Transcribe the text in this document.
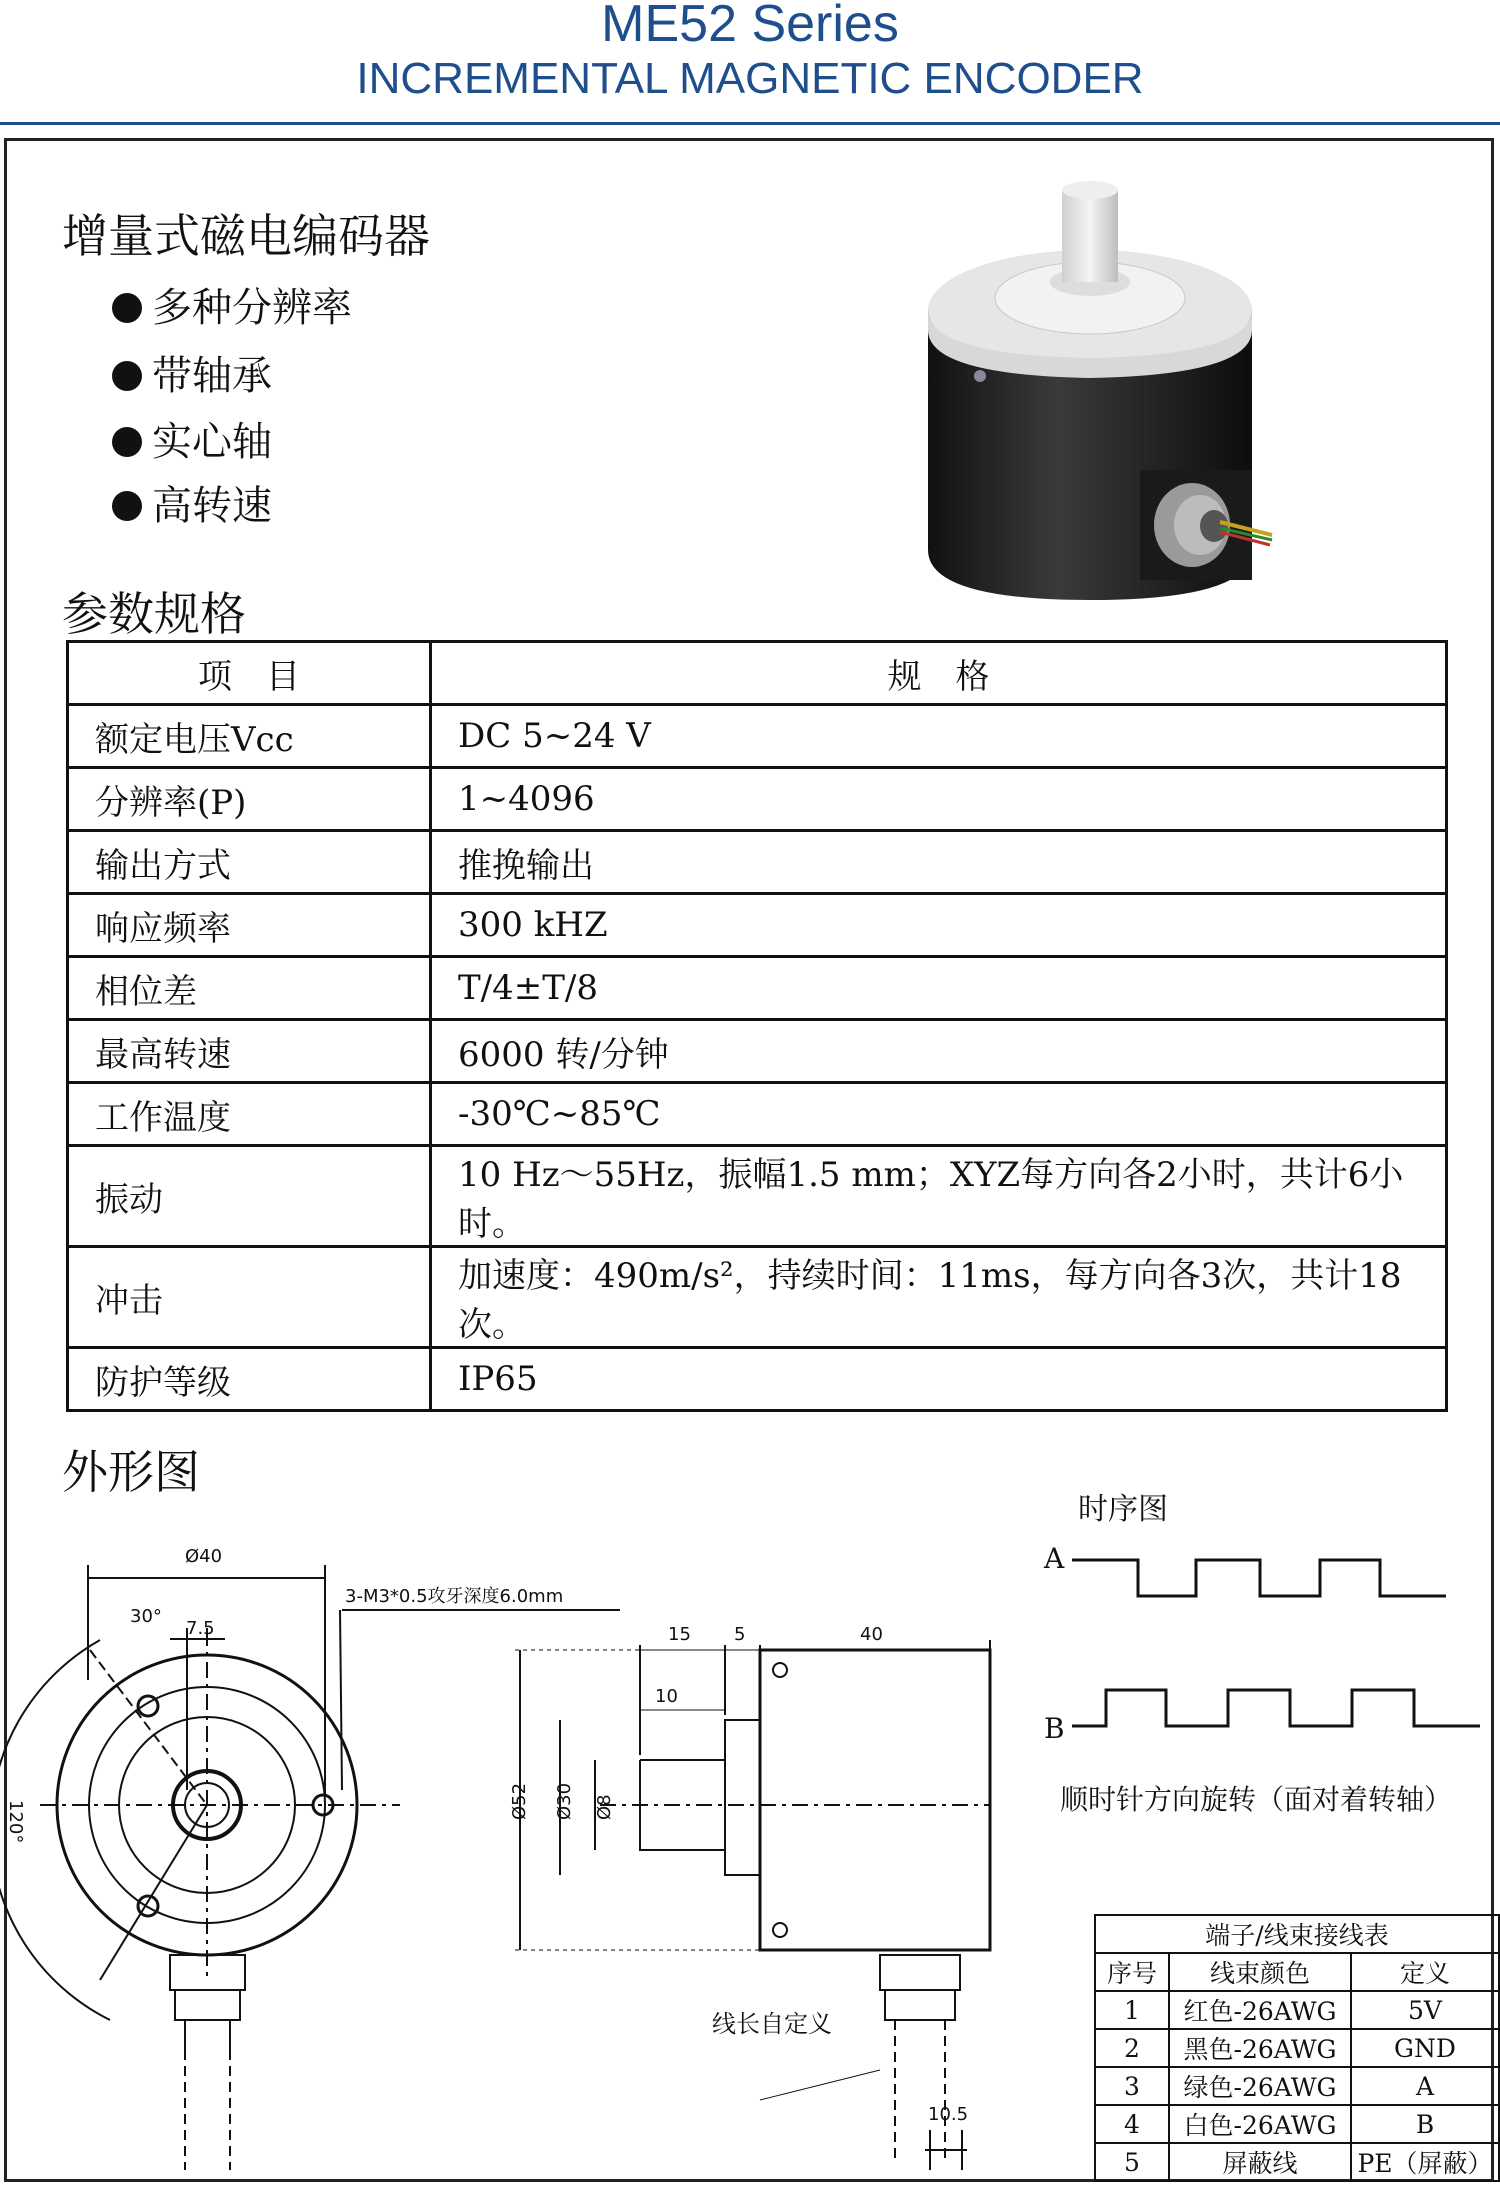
ME52 Series
INCREMENTAL MAGNETIC ENCODER
增量式磁电编码器
多种分辨率
带轴承
实心轴
高转速
参数规格
项　目	规　格
额定电压Vcc	DC 5~24 V
分辨率(P)	1~4096
输出方式	推挽输出
响应频率	300 kHZ
相位差	T/4±T/8
最高转速	6000 转/分钟
工作温度	-30℃~85℃
振动	10 Hz～55Hz，振幅1.5 mm；XYZ每方向各2小时，共计6小时。
冲击	加速度：490m/s²，持续时间：11ms，每方向各3次，共计18次。
防护等级	IP65
外形图
Ø40
7.5
30°
120°
3-M3*0.5攻牙深度6.0mm
15 5	40
10
Ø52 Ø30 Ø8
线长自定义
10.5
时序图
A
B
顺时针方向旋转（面对着转轴）
端子/线束接线表		
序号	线束颜色	定义
1	红色-26AWG	5V
2	黑色-26AWG	GND
3	绿色-26AWG	A
4	白色-26AWG	B
5	屏蔽线	PE（屏蔽）
